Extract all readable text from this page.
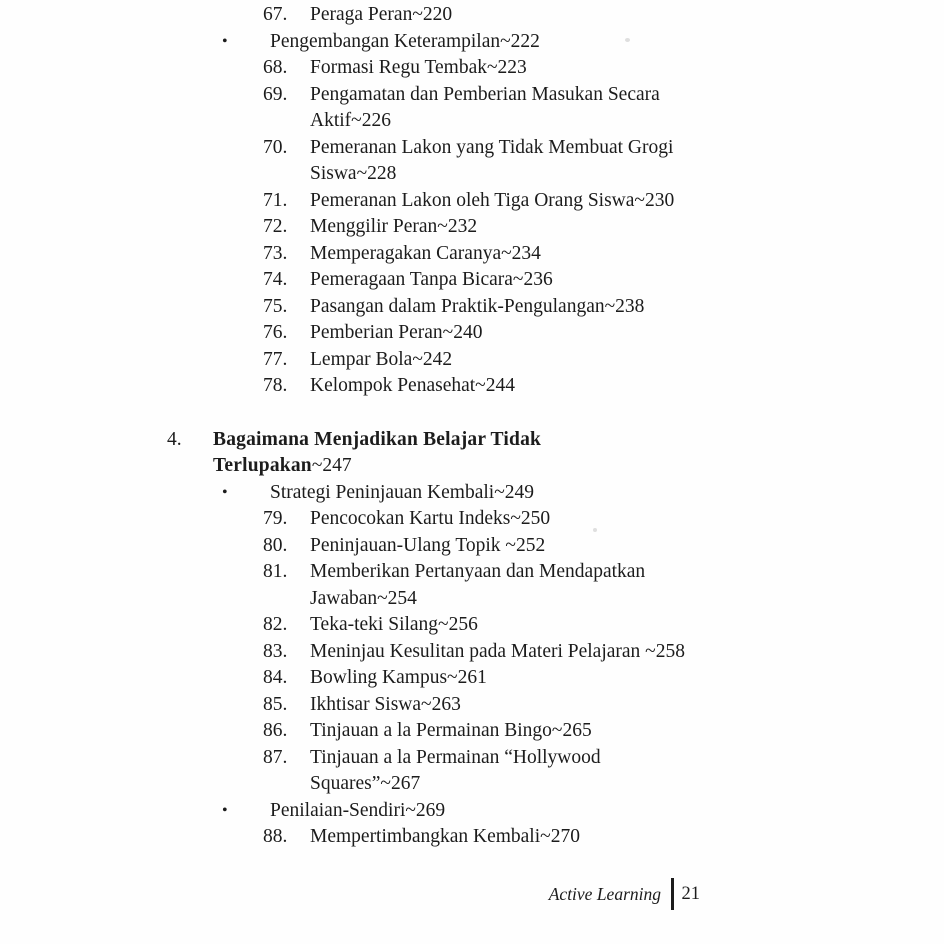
67.	Peraga Peran~220
•	Pengembangan Keterampilan~222
68.	Formasi Regu Tembak~223
69.	Pengamatan dan Pemberian Masukan Secara
Aktif~226
70.	Pemeranan Lakon yang Tidak Membuat Grogi
Siswa~228
71.	Pemeranan Lakon oleh Tiga Orang Siswa~230
72.	Menggilir Peran~232
73.	Memperagakan Caranya~234
74.	Pemeragaan Tanpa Bicara~236
75.	Pasangan dalam Praktik-Pengulangan~238
76.	Pemberian Peran~240
77.	Lempar Bola~242
78.	Kelompok Penasehat~244
4.	Bagaimana Menjadikan Belajar Tidak
Terlupakan~247
•	Strategi Peninjauan Kembali~249
79.	Pencocokan Kartu Indeks~250
80.	Peninjauan-Ulang Topik ~252
81.	Memberikan Pertanyaan dan Mendapatkan
Jawaban~254
82.	Teka-teki Silang~256
83.	Meninjau Kesulitan pada Materi Pelajaran ~258
84.	Bowling Kampus~261
85.	Ikhtisar Siswa~263
86.	Tinjauan a la Permainan Bingo~265
87.	Tinjauan a la Permainan “Hollywood
Squares”~267
•	Penilaian-Sendiri~269
88.	Mempertimbangkan Kembali~270
Active Learning 21
